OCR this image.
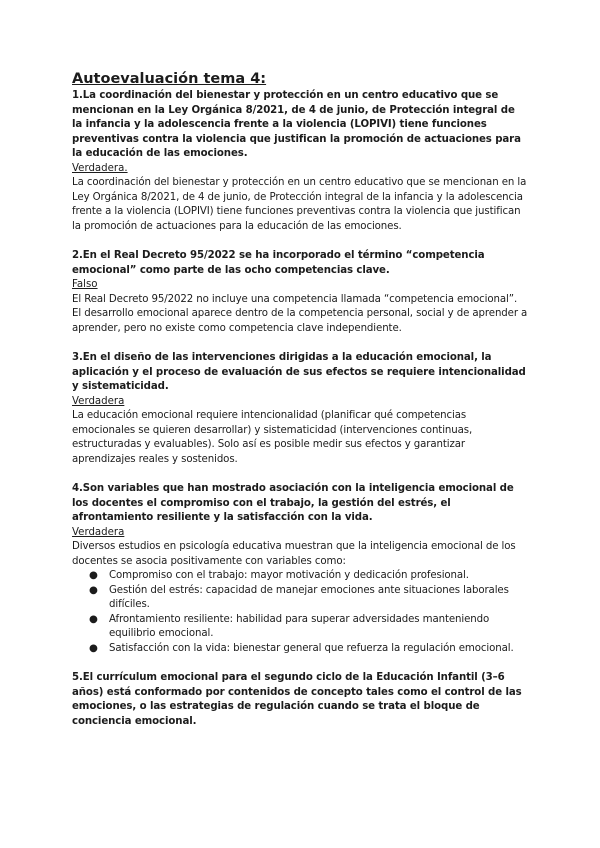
Autoevaluación tema 4:

1.La coordinación del bienestar y protección en un centro educativo que se mencionan en la Ley Orgánica 8/2021, de 4 de junio, de Protección integral de la infancia y la adolescencia frente a la violencia (LOPIVI) tiene funciones preventivas contra la violencia que justifican la promoción de actuaciones para la educación de las emociones.

Verdadera.

La coordinación del bienestar y protección en un centro educativo que se mencionan en la Ley Orgánica 8/2021, de 4 de junio, de Protección integral de la infancia y la adolescencia frente a la violencia (LOPIVI) tiene funciones preventivas contra la violencia que justifican la promoción de actuaciones para la educación de las emociones.

2.En el Real Decreto 95/2022 se ha incorporado el término “competencia emocional” como parte de las ocho competencias clave.

Falso

El Real Decreto 95/2022 no incluye una competencia llamada “competencia emocional”.

El desarrollo emocional aparece dentro de la competencia personal, social y de aprender a aprender, pero no existe como competencia clave independiente.

3.En el diseño de las intervenciones dirigidas a la educación emocional, la aplicación y el proceso de evaluación de sus efectos se requiere intencionalidad y sistematicidad.

Verdadera

La educación emocional requiere intencionalidad (planificar qué competencias emocionales se quieren desarrollar) y sistematicidad (intervenciones continuas, estructuradas y evaluables). Solo así es posible medir sus efectos y garantizar aprendizajes reales y sostenidos.

4.Son variables que han mostrado asociación con la inteligencia emocional de los docentes el compromiso con el trabajo, la gestión del estrés, el afrontamiento resiliente y la satisfacción con la vida.

Verdadera

Diversos estudios en psicología educativa muestran que la inteligencia emocional de los docentes se asocia positivamente con variables como:

● Compromiso con el trabajo: mayor motivación y dedicación profesional.
● Gestión del estrés: capacidad de manejar emociones ante situaciones laborales difíciles.
● Afrontamiento resiliente: habilidad para superar adversidades manteniendo equilibrio emocional.
● Satisfacción con la vida: bienestar general que refuerza la regulación emocional.

5.El currículum emocional para el segundo ciclo de la Educación Infantil (3–6 años) está conformado por contenidos de concepto tales como el control de las emociones, o las estrategias de regulación cuando se trata el bloque de conciencia emocional.
